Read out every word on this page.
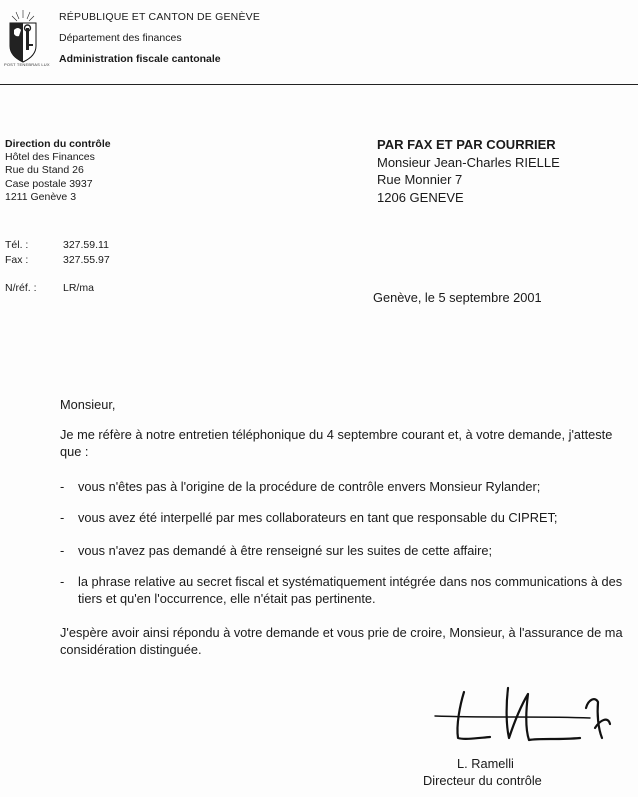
POST TENEBRAS LUX
RÉPUBLIQUE ET CANTON DE GENÈVE
Département des finances
Administration fiscale cantonale
Direction du contrôle
Hôtel des Finances
Rue du Stand 26
Case postale 3937
1211 Genève 3
Tél. :	327.59.11
Fax :	327.55.97
N/réf. :	LR/ma
PAR FAX ET PAR COURRIER
Monsieur Jean-Charles RIELLE
Rue Monnier 7
1206 GENEVE
Genève, le 5 septembre 2001
Monsieur,
Je me réfère à notre entretien téléphonique du 4 septembre courant et, à votre demande, j'atteste que :
- vous n'êtes pas à l'origine de la procédure de contrôle envers Monsieur Rylander;
- vous avez été interpellé par mes collaborateurs en tant que responsable du CIPRET;
- vous n'avez pas demandé à être renseigné sur les suites de cette affaire;
- la phrase relative au secret fiscal et systématiquement intégrée dans nos communications à des tiers et qu'en l'occurrence, elle n'était pas pertinente.
J'espère avoir ainsi répondu à votre demande et vous prie de croire, Monsieur, à l'assurance de ma considération distinguée.
L. Ramelli
Directeur du contrôle
